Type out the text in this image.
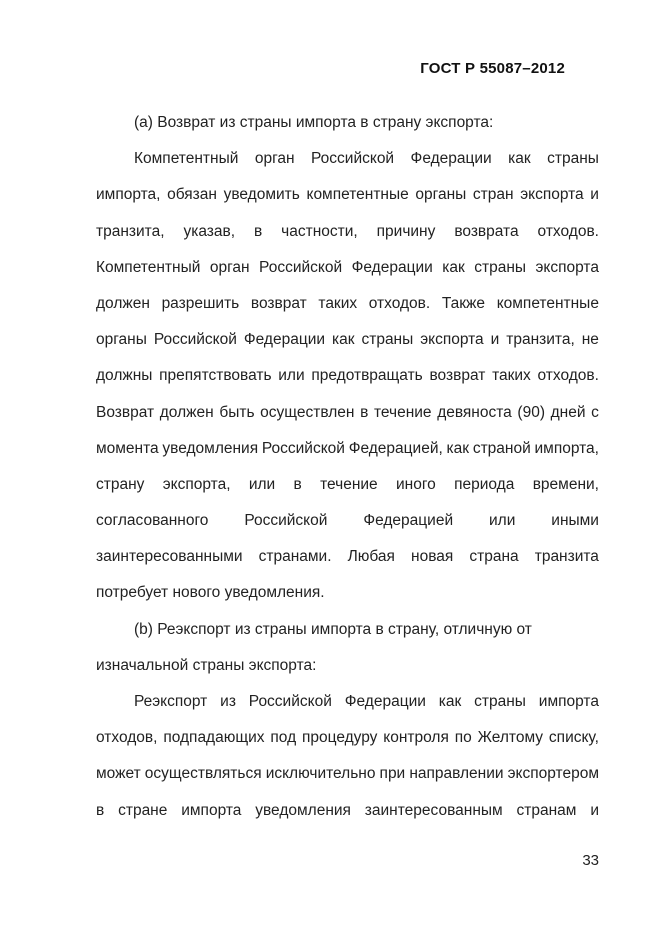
ГОСТ Р 55087–2012
(a) Возврат из страны импорта в страну экспорта:
Компетентный орган Российской Федерации как страны
импорта, обязан уведомить компетентные органы стран экспорта и
транзита, указав, в частности, причину возврата отходов.
Компетентный орган Российской Федерации как страны экспорта
должен разрешить возврат таких отходов. Также компетентные
органы Российской Федерации как страны экспорта и транзита, не
должны препятствовать или предотвращать возврат таких отходов.
Возврат должен быть осуществлен в течение девяноста (90) дней с
момента уведомления Российской Федерацией, как страной импорта,
страну экспорта, или в течение иного периода времени,
согласованного Российской Федерацией или иными
заинтересованными странами. Любая новая страна транзита
потребует нового уведомления.
(b) Реэкспорт из страны импорта в страну, отличную от
изначальной страны экспорта:
Реэкспорт из Российской Федерации как страны импорта
отходов, подпадающих под процедуру контроля по Желтому списку,
может осуществляться исключительно при направлении экспортером
в стране импорта уведомления заинтересованным странам и
33
